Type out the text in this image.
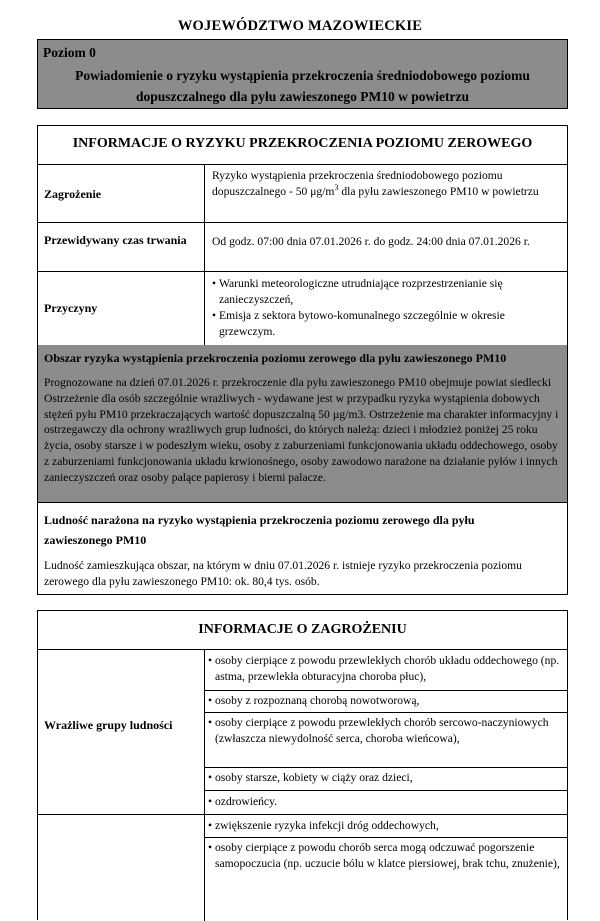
WOJEWÓDZTWO MAZOWIECKIE
Poziom 0
Powiadomienie o ryzyku wystąpienia przekroczenia średniodobowego poziomu dopuszczalnego dla pyłu zawieszonego PM10 w powietrzu
INFORMACJE O RYZYKU PRZEKROCZENIA POZIOMU ZEROWEGO
Zagrożenie
Ryzyko wystąpienia przekroczenia średniodobowego poziomu dopuszczalnego - 50 $\mu g/m^3$ dla pyłu zawieszonego PM10 w powietrzu
Przewidywany czas trwania	Od godz. 07:00 dnia 07.01.2026 r. do godz. 24:00 dnia 07.01.2026 r.
Przyczyny
• Warunki meteorologiczne utrudniające rozprzestrzenianie się zanieczyszczeń,
• Emisja z sektora bytowo-komunalnego szczególnie w okresie grzewczym.
Obszar ryzyka wystąpienia przekroczenia poziomu zerowego dla pyłu zawieszonego PM10
Prognozowane na dzień 07.01.2026 r. przekroczenie dla pyłu zawieszonego PM10 obejmuje powiat siedlecki Ostrzeżenie dla osób szczególnie wrażliwych - wydawane jest w przypadku ryzyka wystąpienia dobowych stężeń pyłu PM10 przekraczających wartość dopuszczalną 50 µg/m3. Ostrzeżenie ma charakter informacyjny i ostrzegawczy dla ochrony wrażliwych grup ludności, do których należą: dzieci i młodzież poniżej 25 roku życia, osoby starsze i w podeszłym wieku, osoby z zaburzeniami funkcjonowania układu oddechowego, osoby z zaburzeniami funkcjonowania układu krwionośnego, osoby zawodowo narażone na działanie pyłów i innych zanieczyszczeń oraz osoby palące papierosy i bierni palacze.
Ludność narażona na ryzyko wystąpienia przekroczenia poziomu zerowego dla pyłu zawieszonego PM10
Ludność zamieszkująca obszar, na którym w dniu 07.01.2026 r. istnieje ryzyko przekroczenia poziomu zerowego dla pyłu zawieszonego PM10: ok. 80,4 tys. osób.
INFORMACJE O ZAGROŻENIU
Wrażliwe grupy ludności
• osoby cierpiące z powodu przewlekłych chorób układu oddechowego (np. astma, przewlekła obturacyjna choroba płuc),
• osoby z rozpoznaną chorobą nowotworową,
• osoby cierpiące z powodu przewlekłych chorób sercowo-naczyniowych (zwłaszcza niewydolność serca, choroba wieńcowa),
• osoby starsze, kobiety w ciąży oraz dzieci,
• ozdrowieńcy.
• zwiększenie ryzyka infekcji dróg oddechowych,
• osoby cierpiące z powodu chorób serca mogą odczuwać pogorszenie samopoczucia (np. uczucie bólu w klatce piersiowej, brak tchu, znużenie),
